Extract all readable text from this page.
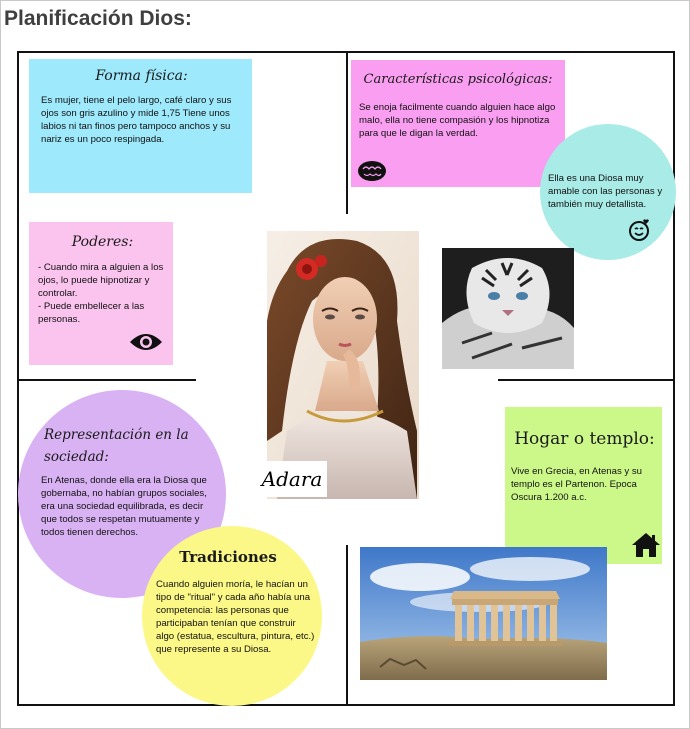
Planificación Dios:
Forma física:
Es mujer, tiene el pelo largo, café claro y sus ojos son gris azulino y mide 1,75 Tiene unos labios ni tan finos pero tampoco anchos y su nariz es un poco respingada.
Características psicológicas:
Se enoja facilmente cuando alguien hace algo malo, ella no tiene compasión y los hipnotiza para que le digan la verdad.
Ella es una Diosa muy amable con las personas y también muy detallista.
Poderes:
- Cuando mira a alguien a los ojos, lo puede hipnotizar y controlar.
- Puede embellecer a las personas.
Adara
Representación en la sociedad:
En Atenas, donde ella era la Diosa que gobernaba, no habían grupos sociales, era una sociedad equilibrada, es decir que todos se respetan mutuamente y todos tienen derechos.
Tradiciones
Cuando alguien moría, le hacían un tipo de "ritual" y cada año había una competencia: las personas que participaban tenían que construir algo (estatua, escultura, pintura, etc.) que represente a su Diosa.
Hogar o templo:
Vive en Grecia, en Atenas y su templo es el Partenon. Epoca Oscura 1.200 a.c.
